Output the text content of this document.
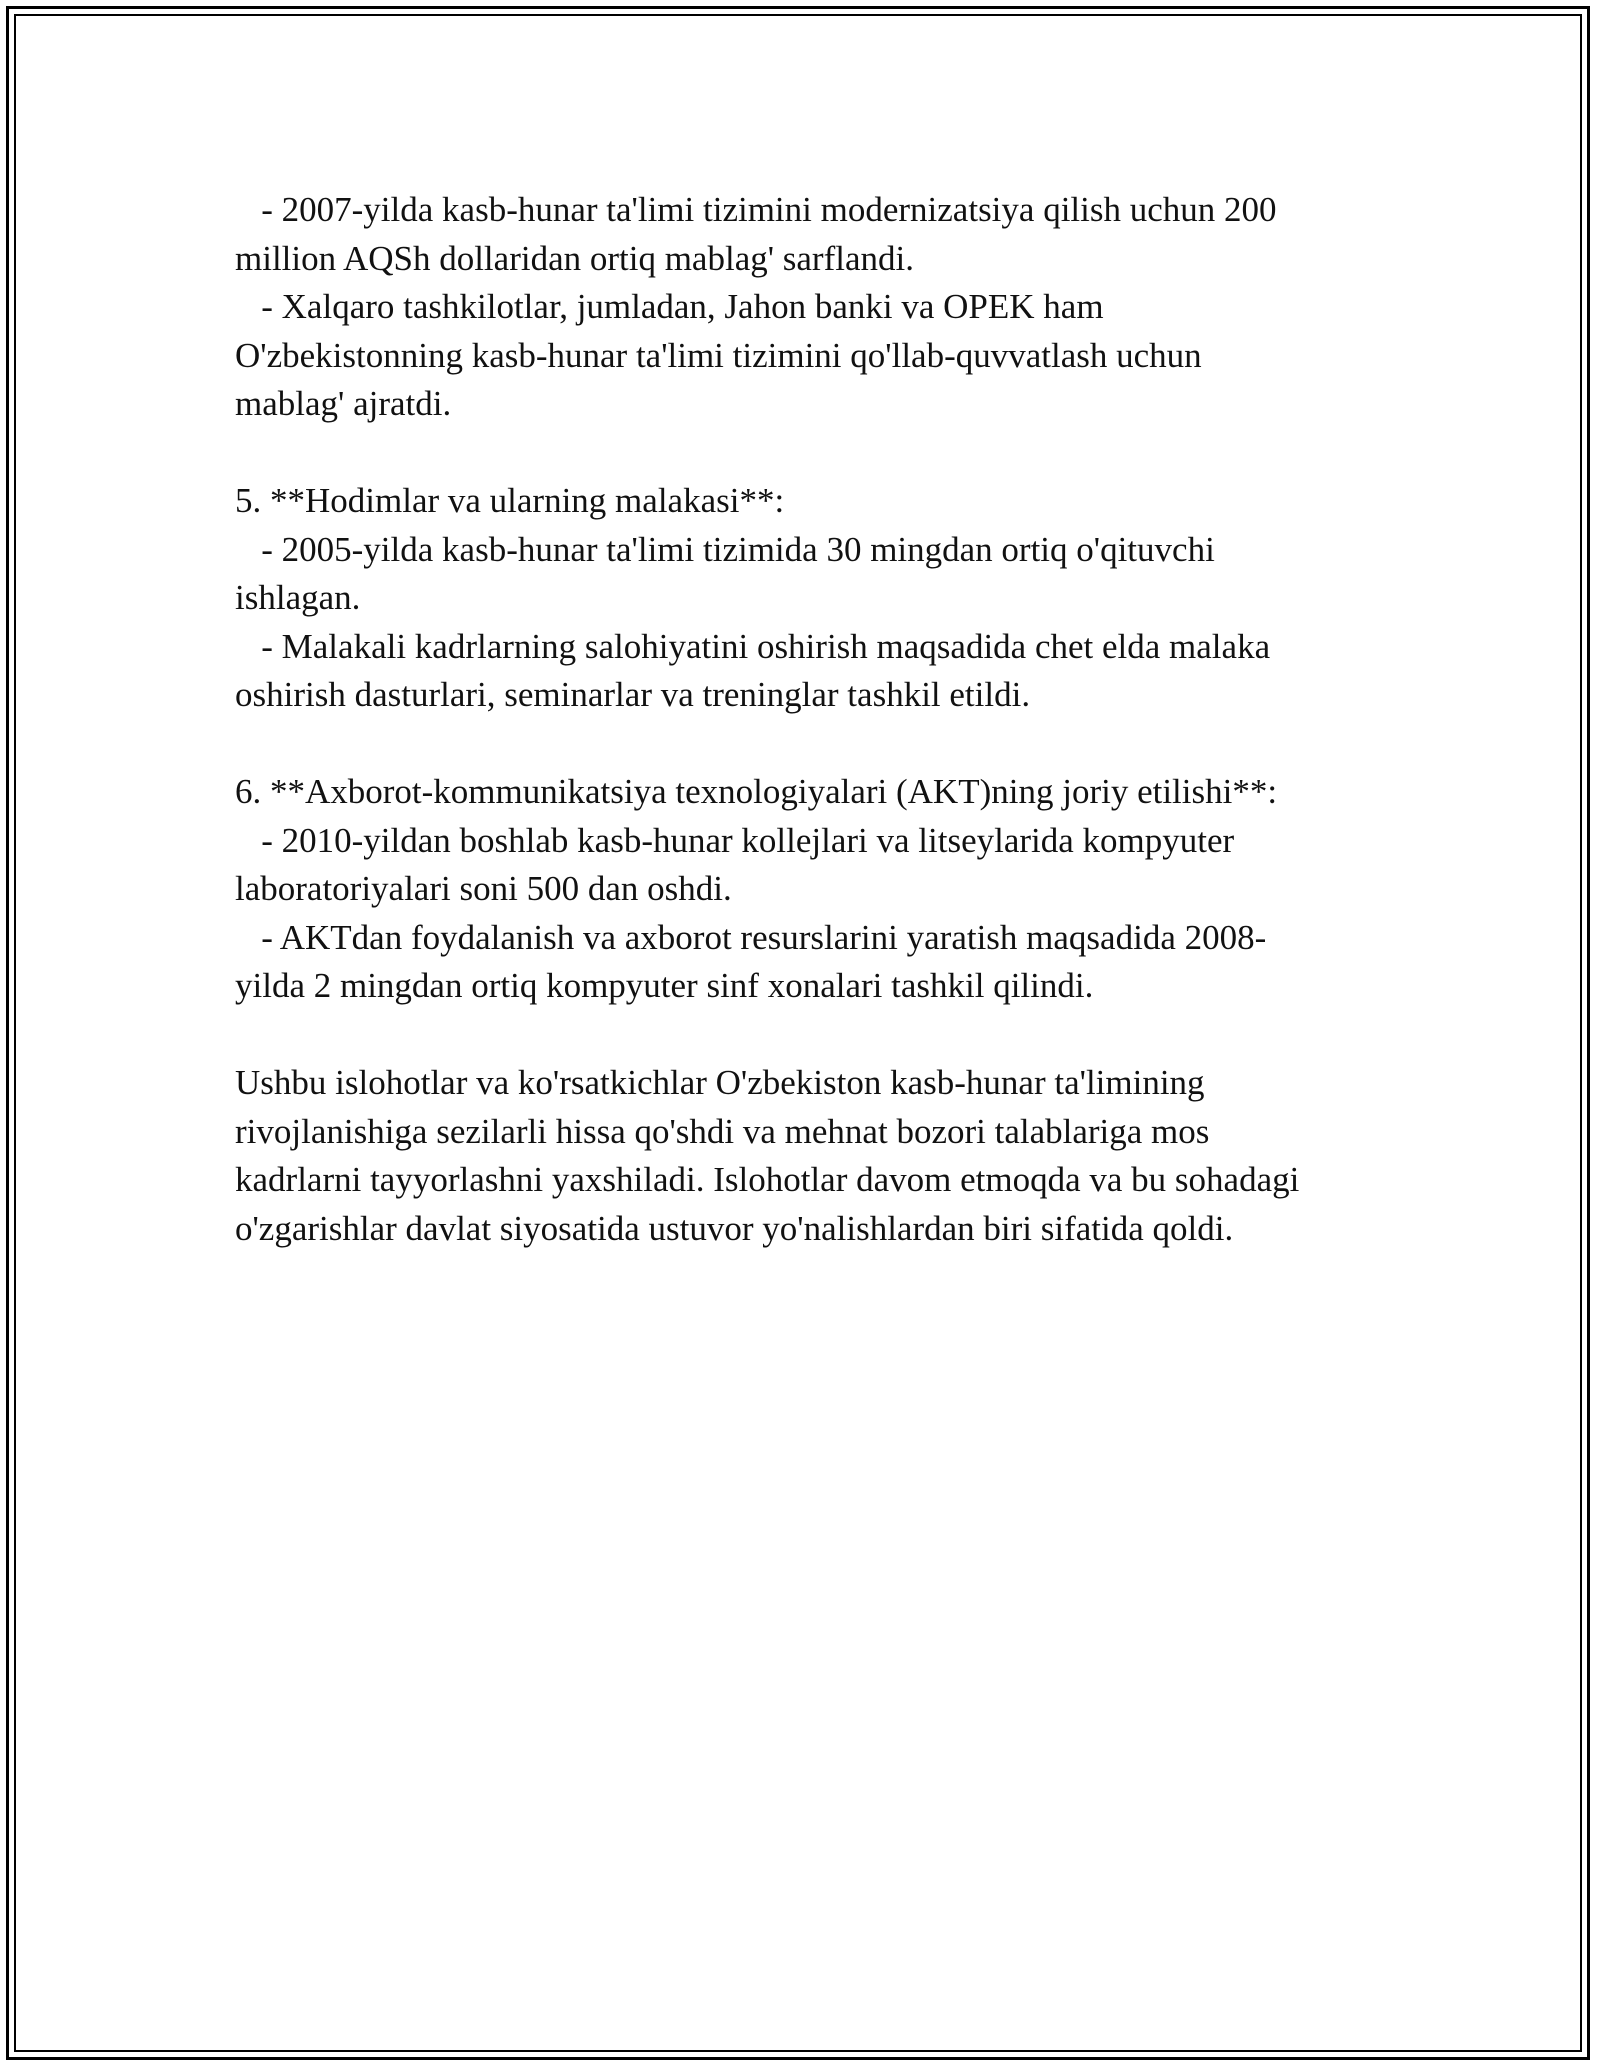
- 2007-yilda kasb-hunar ta'limi tizimini modernizatsiya qilish uchun 200
million AQSh dollaridan ortiq mablag' sarflandi.
- Xalqaro tashkilotlar, jumladan, Jahon banki va OPEK ham
O'zbekistonning kasb-hunar ta'limi tizimini qo'llab-quvvatlash uchun
mablag' ajratdi.
5. **Hodimlar va ularning malakasi**:
- 2005-yilda kasb-hunar ta'limi tizimida 30 mingdan ortiq o'qituvchi
ishlagan.
- Malakali kadrlarning salohiyatini oshirish maqsadida chet elda malaka
oshirish dasturlari, seminarlar va treninglar tashkil etildi.
6. **Axborot-kommunikatsiya texnologiyalari (AKT)ning joriy etilishi**:
- 2010-yildan boshlab kasb-hunar kollejlari va litseylarida kompyuter
laboratoriyalari soni 500 dan oshdi.
- AKTdan foydalanish va axborot resurslarini yaratish maqsadida 2008-
yilda 2 mingdan ortiq kompyuter sinf xonalari tashkil qilindi.
Ushbu islohotlar va ko'rsatkichlar O'zbekiston kasb-hunar ta'limining
rivojlanishiga sezilarli hissa qo'shdi va mehnat bozori talablariga mos
kadrlarni tayyorlashni yaxshiladi. Islohotlar davom etmoqda va bu sohadagi
o'zgarishlar davlat siyosatida ustuvor yo'nalishlardan biri sifatida qoldi.
